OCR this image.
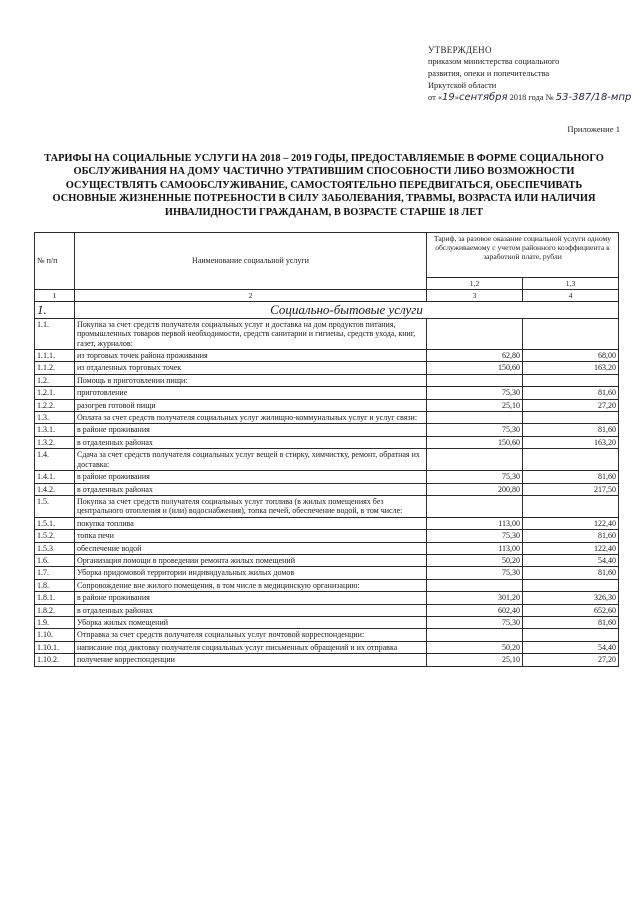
УТВЕРЖДЕНО
приказом министерства социального
развития, опеки и попечительства
Иркутской области
от «19»сентября 2018 года № 53-387/18-мпр
Приложение 1
ТАРИФЫ НА СОЦИАЛЬНЫЕ УСЛУГИ НА 2018 – 2019 ГОДЫ, ПРЕДОСТАВЛЯЕМЫЕ В ФОРМЕ СОЦИАЛЬНОГО
ОБСЛУЖИВАНИЯ НА ДОМУ ЧАСТИЧНО УТРАТИВШИМ СПОСОБНОСТИ ЛИБО ВОЗМОЖНОСТИ
ОСУЩЕСТВЛЯТЬ САМООБСЛУЖИВАНИЕ, САМОСТОЯТЕЛЬНО ПЕРЕДВИГАТЬСЯ, ОБЕСПЕЧИВАТЬ
ОСНОВНЫЕ ЖИЗНЕННЫЕ ПОТРЕБНОСТИ В СИЛУ ЗАБОЛЕВАНИЯ, ТРАВМЫ, ВОЗРАСТА ИЛИ НАЛИЧИЯ
ИНВАЛИДНОСТИ ГРАЖДАНАМ, В ВОЗРАСТЕ СТАРШЕ 18 ЛЕТ
№ п/п	Наименование социальной услуги	Тариф, за разовое оказание социальной услуги одному обслуживаемому с учетом районного коэффициента к заработной плате, рубли	
		1,2	1,3
1	2	3	4
1.	Социально-бытовые услуги		
1.1.	Покупка за счет средств получателя социальных услуг и доставка на дом продуктов питания, промышленных товаров первой необходимости, средств санитарии и гигиены, средств ухода, книг, газет, журналов:		
1.1.1.	из торговых точек района проживания	62,80	68,00
1.1.2.	из отдаленных торговых точек	150,60	163,20
1.2.	Помощь в приготовлении пищи:		
1.2.1.	приготовление	75,30	81,60
1.2.2.	разогрев готовой пищи	25,10	27,20
1.3.	Оплата за счет средств получателя социальных услуг жилищно-коммунальных услуг и услуг связи:		
1.3.1.	в районе проживания	75,30	81,60
1.3.2.	в отдаленных районах	150,60	163,20
1.4.	Сдача за счет средств получателя социальных услуг вещей в стирку, химчистку, ремонт, обратная их доставка:		
1.4.1.	в районе проживания	75,30	81,60
1.4.2.	в отдаленных районах	200,80	217,50
1.5.	Покупка за счет средств получателя социальных услуг топлива (в жилых помещениях без центрального отопления и (или) водоснабжения), топка печей, обеспечение водой, в том числе:		
1.5.1.	покупка топлива	113,00	122,40
1.5.2.	топка печи	75,30	81,60
1.5.3	обеспечение водой	113,00	122,40
1.6.	Организация помощи в проведении ремонта жилых помещений	50,20	54,40
1.7.	Уборка придомовой территории индивидуальных жилых домов	75,30	81,60
1.8.	Сопровождение вне жилого помещения, в том числе в медицинскую организацию:		
1.8.1.	в районе проживания	301,20	326,30
1.8.2.	в отдаленных районах	602,40	652,60
1.9.	Уборка жилых помещений	75,30	81,60
1.10.	Отправка за счет средств получателя социальных услуг почтовой корреспонденции:		
1.10.1.	написание под диктовку получателя социальных услуг письменных обращений и их отправка	50,20	54,40
1.10.2.	получение корреспонденции	25,10	27,20
